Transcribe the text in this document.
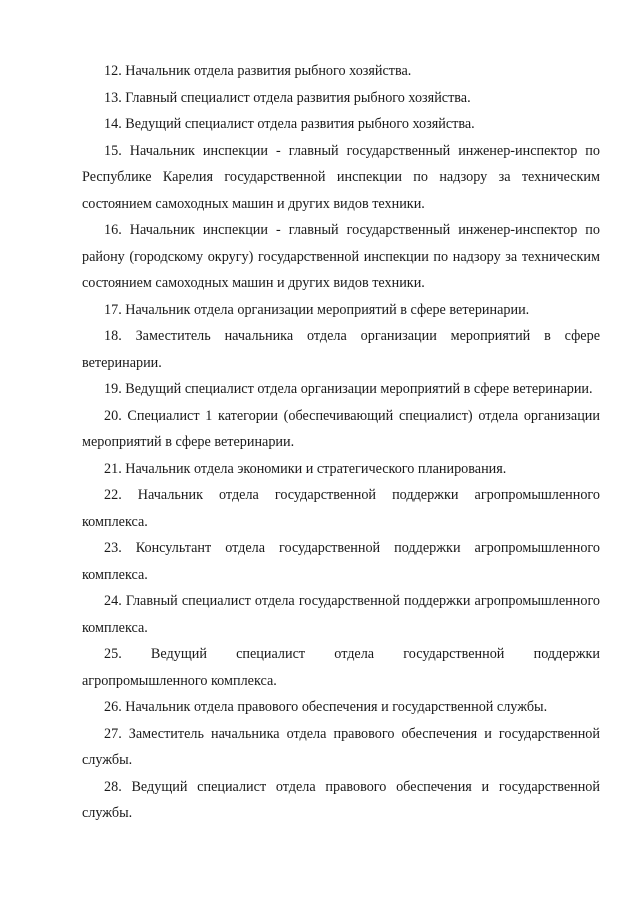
12. Начальник отдела развития рыбного хозяйства.

13. Главный специалист отдела развития рыбного хозяйства.

14. Ведущий специалист отдела развития рыбного хозяйства.

15. Начальник инспекции - главный государственный инженер-инспектор по Республике Карелия государственной инспекции по надзору за техническим состоянием самоходных машин и других видов техники.

16. Начальник инспекции - главный государственный инженер-инспектор по району (городскому округу) государственной инспекции по надзору за техническим состоянием самоходных машин и других видов техники.

17. Начальник отдела организации мероприятий в сфере ветеринарии.

18. Заместитель начальника отдела организации мероприятий в сфере ветеринарии.

19. Ведущий специалист отдела организации мероприятий в сфере ветеринарии.

20. Специалист 1 категории (обеспечивающий специалист) отдела организации мероприятий в сфере ветеринарии.

21. Начальник отдела экономики и стратегического планирования.

22. Начальник отдела государственной поддержки агропромышленного комплекса.

23. Консультант отдела государственной поддержки агропромышленного комплекса.

24. Главный специалист отдела государственной поддержки агропромышленного комплекса.

25. Ведущий специалист отдела государственной поддержки агропромышленного комплекса.

26. Начальник отдела правового обеспечения и государственной службы.

27. Заместитель начальника отдела правового обеспечения и государственной службы.

28. Ведущий специалист отдела правового обеспечения и государственной службы.
